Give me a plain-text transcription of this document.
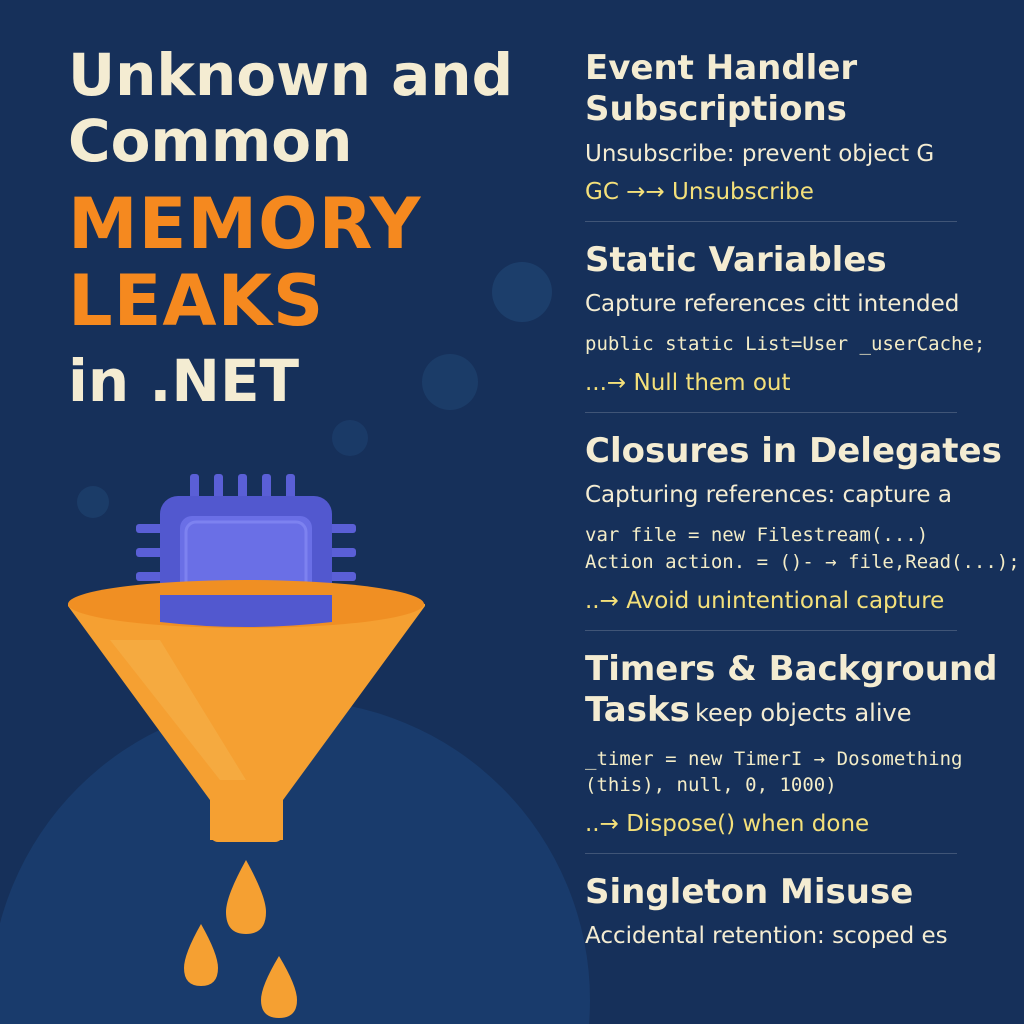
Unknown and
Common
MEMORY
LEAKS
in .NET
Event Handler
Subscriptions
Unsubscribe: prevent object G
GC →→ Unsubscribe
Static Variables
Capture references citt intended
public static List=User _userCache;
...→ Null them out
Closures in Delegates
Capturing references: capture a
var file = new Filestream(...)
Action action. = ()- → file,Read(...);
..→ Avoid unintentional capture
Timers & Background
Tasks keep objects alive
_timer = new TimerI → Dosomething
(this), null, 0, 1000)
..→ Dispose() when done
Singleton Misuse
Accidental retention: scoped es
